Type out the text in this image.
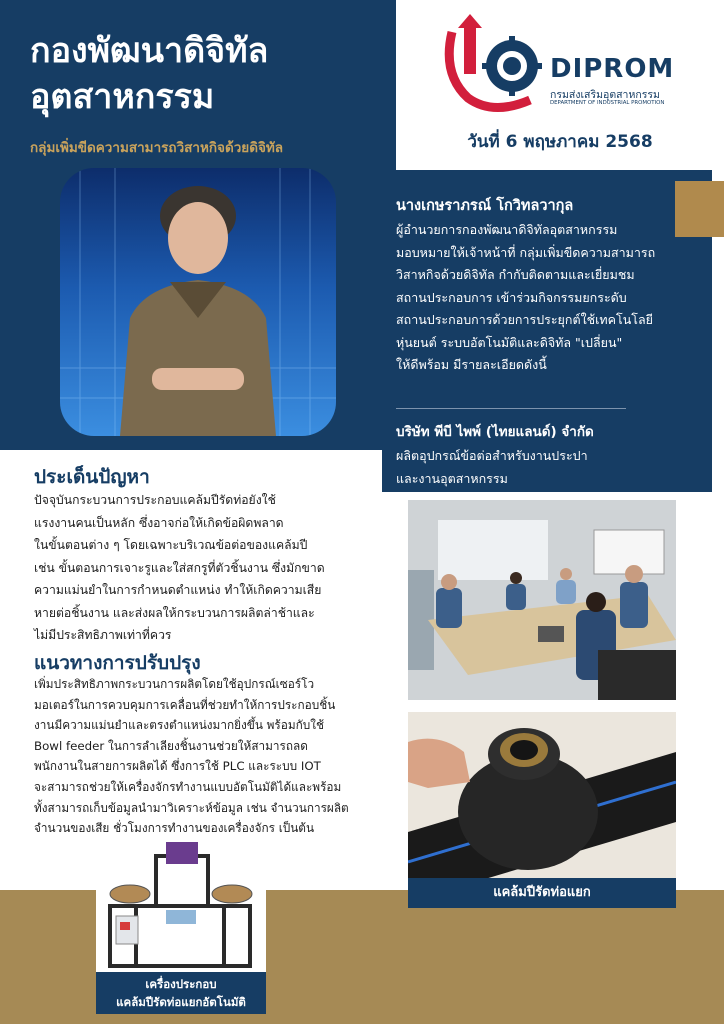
กองพัฒนาดิจิทัล
อุตสาหกรรม
กลุ่มเพิ่มขีดความสามารถวิสาหกิจด้วยดิจิทัล
DIPROM
กรมส่งเสริมอุตสาหกรรม
DEPARTMENT OF INDUSTRIAL PROMOTION
วันที่ 6 พฤษภาคม 2568
นางเกษราภรณ์ โกวิทลวากุล
ผู้อำนวยการกองพัฒนาดิจิทัลอุตสาหกรรม
มอบหมายให้เจ้าหน้าที่ กลุ่มเพิ่มขีดความสามารถ
วิสาหกิจด้วยดิจิทัล กำกับติดตามและเยี่ยมชม
สถานประกอบการ เข้าร่วมกิจกรรมยกระดับ
สถานประกอบการด้วยการประยุกต์ใช้เทคโนโลยี
หุ่นยนต์ ระบบอัตโนมัติและดิจิทัล "เปลี่ยน"
ให้ดีพร้อม มีรายละเอียดดังนี้
บริษัท พีบี ไพพ์ (ไทยแลนด์) จำกัด
ผลิตอุปกรณ์ข้อต่อสำหรับงานประปา
และงานอุตสาหกรรม
ประเด็นปัญหา
ปัจจุบันกระบวนการประกอบแคล้มปีรัดท่อยังใช้
แรงงานคนเป็นหลัก ซึ่งอาจก่อให้เกิดข้อผิดพลาด
ในขั้นตอนต่าง ๆ โดยเฉพาะบริเวณข้อต่อของแคล้มปี
เช่น ขั้นตอนการเจาะรูและใส่สกรูที่ตัวชิ้นงาน ซึ่งมักขาด
ความแม่นยำในการกำหนดตำแหน่ง ทำให้เกิดความเสีย
หายต่อชิ้นงาน และส่งผลให้กระบวนการผลิตล่าช้าและ
ไม่มีประสิทธิภาพเท่าที่ควร
แนวทางการปรับปรุง
เพิ่มประสิทธิภาพกระบวนการผลิตโดยใช้อุปกรณ์เซอร์โว
มอเตอร์ในการควบคุมการเคลื่อนที่ช่วยทำให้การประกอบชิ้น
งานมีความแม่นยำและตรงตำแหน่งมากยิ่งขึ้น พร้อมกับใช้
Bowl feeder ในการลำเลียงชิ้นงานช่วยให้สามารถลด
พนักงานในสายการผลิตได้ ซึ่งการใช้ PLC และระบบ IOT
จะสามารถช่วยให้เครื่องจักรทำงานแบบอัตโนมัติได้และพร้อม
ทั้งสามารถเก็บข้อมูลนำมาวิเคราะห์ข้อมูล เช่น จำนวนการผลิต
จำนวนของเสีย ชั่วโมงการทำงานของเครื่องจักร เป็นต้น
แคล้มปีรัดท่อแยก
เครื่องประกอบ
แคล้มปีรัดท่อแยกอัตโนมัติ
